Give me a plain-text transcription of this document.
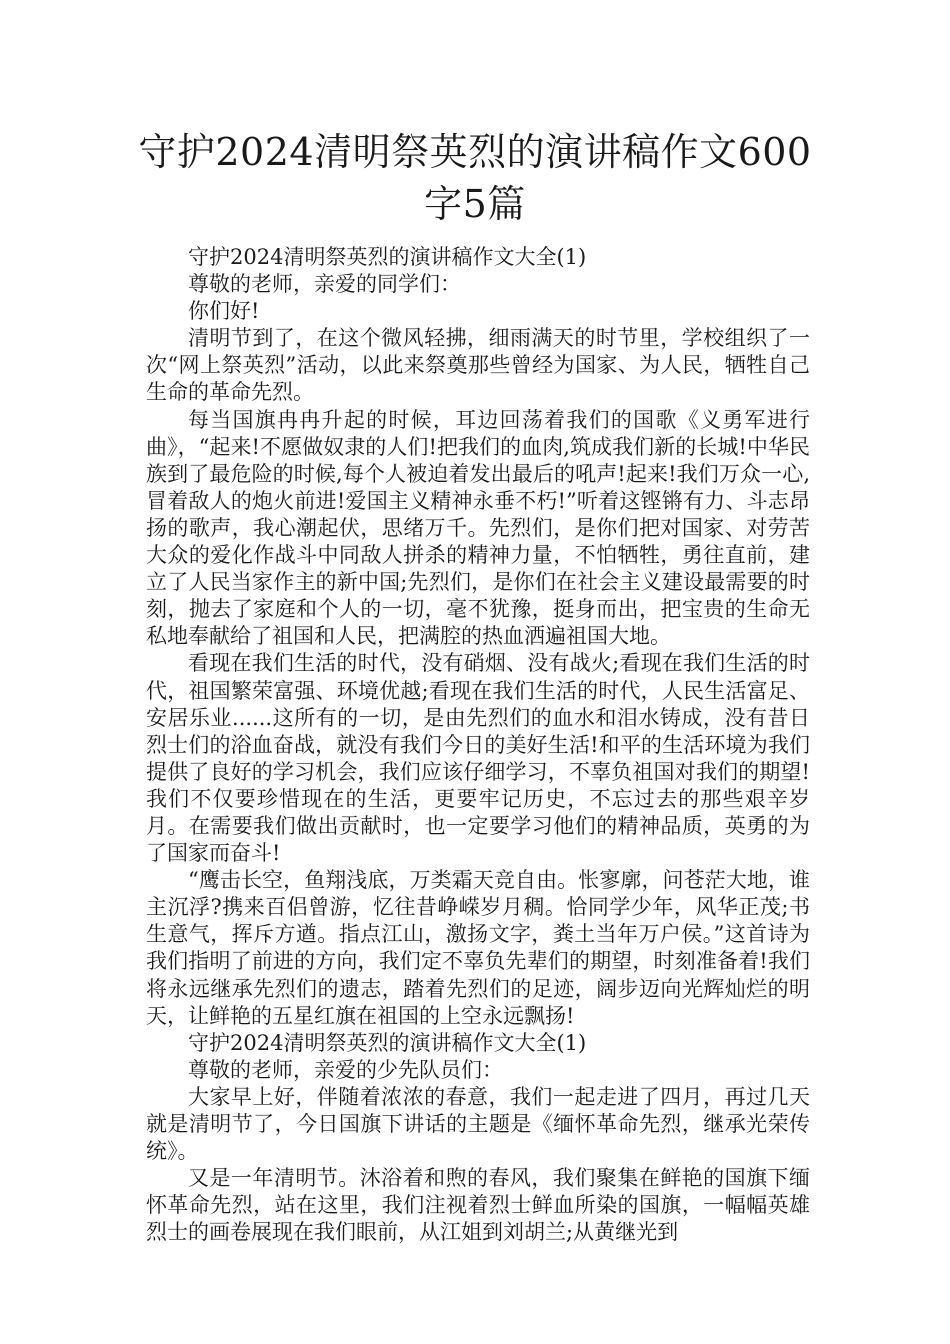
守护2024清明祭英烈的演讲稿作文600字5篇

守护2024清明祭英烈的演讲稿作文大全(1)

尊敬的老师，亲爱的同学们：

你们好!

清明节到了，在这个微风轻拂，细雨满天的时节里，学校组织了一次“网上祭英烈”活动，以此来祭奠那些曾经为国家、为人民，牺牲自己生命的革命先烈。

每当国旗冉冉升起的时候，耳边回荡着我们的国歌《义勇军进行曲》，“起来!不愿做奴隶的人们!把我们的血肉,筑成我们新的长城!中华民族到了最危险的时候,每个人被迫着发出最后的吼声!起来!我们万众一心,冒着敌人的炮火前进!爱国主义精神永垂不朽!”听着这铿锵有力、斗志昂扬的歌声，我心潮起伏，思绪万千。先烈们，是你们把对国家、对劳苦大众的爱化作战斗中同敌人拼杀的精神力量，不怕牺牲，勇往直前，建立了人民当家作主的新中国;先烈们，是你们在社会主义建设最需要的时刻，抛去了家庭和个人的一切，毫不犹豫，挺身而出，把宝贵的生命无私地奉献给了祖国和人民，把满腔的热血洒遍祖国大地。

看现在我们生活的时代，没有硝烟、没有战火;看现在我们生活的时代，祖国繁荣富强、环境优越;看现在我们生活的时代，人民生活富足、安居乐业......这所有的一切，是由先烈们的血水和泪水铸成，没有昔日烈士们的浴血奋战，就没有我们今日的美好生活!和平的生活环境为我们提供了良好的学习机会，我们应该仔细学习，不辜负祖国对我们的期望!我们不仅要珍惜现在的生活，更要牢记历史，不忘过去的那些艰辛岁月。在需要我们做出贡献时，也一定要学习他们的精神品质，英勇的为了国家而奋斗!

“鹰击长空，鱼翔浅底，万类霜天竞自由。怅寥廓，问苍茫大地，谁主沉浮?携来百侣曾游，忆往昔峥嵘岁月稠。恰同学少年，风华正茂;书生意气，挥斥方遒。指点江山，激扬文字，粪土当年万户侯。”这首诗为我们指明了前进的方向，我们定不辜负先辈们的期望，时刻准备着!我们将永远继承先烈们的遗志，踏着先烈们的足迹，阔步迈向光辉灿烂的明天，让鲜艳的五星红旗在祖国的上空永远飘扬!

守护2024清明祭英烈的演讲稿作文大全(1)

尊敬的老师，亲爱的少先队员们：

大家早上好，伴随着浓浓的春意，我们一起走进了四月，再过几天就是清明节了，今日国旗下讲话的主题是《缅怀革命先烈，继承光荣传统》。

又是一年清明节。沐浴着和煦的春风，我们聚集在鲜艳的国旗下缅怀革命先烈，站在这里，我们注视着烈士鲜血所染的国旗，一幅幅英雄烈士的画卷展现在我们眼前，从江姐到刘胡兰;从黄继光到
